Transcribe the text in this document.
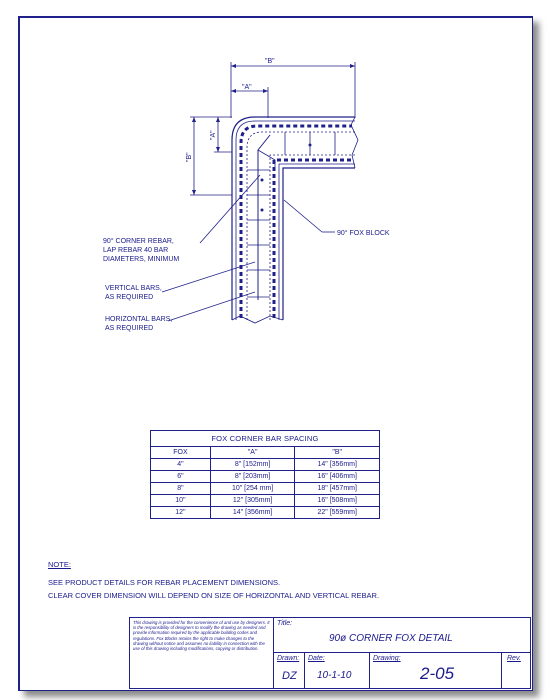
"B"
"A"
"B"
"A"
90° CORNER REBAR,
LAP REBAR 40 BAR
DIAMETERS, MINIMUM
90° FOX BLOCK
VERTICAL BARS,
AS REQUIRED
HORIZONTAL BARS,
AS REQUIRED
FOX CORNER BAR SPACING		
FOX	"A"	"B"
4"	8" [152mm]	14" [356mm]
6"	8" [203mm]	16" [406mm]
8"	10" [254 mm]	18" [457mm]
10"	12" [305mm]	16" [508mm]
12"	14" [356mm]	22" [559mm]
NOTE:
SEE PRODUCT DETAILS FOR REBAR PLACEMENT DIMENSIONS.
CLEAR COVER DIMENSION WILL DEPEND ON SIZE OF HORIZONTAL AND VERTICAL REBAR.
This drawing is provided for the convenience of and use by designers. It is the responsibility of designers to modify the drawing as needed and provide information required by the applicable building codes and regulations. Fox Blocks retains the right to make changes to the drawing without notice and assumes no liability in connection with the use of this drawing including modifications, copying or distribution.
Title:
90ø CORNER FOX DETAIL
Drawn:
DZ
Date:
10-1-10
Drawing:
2-05
Rev.
